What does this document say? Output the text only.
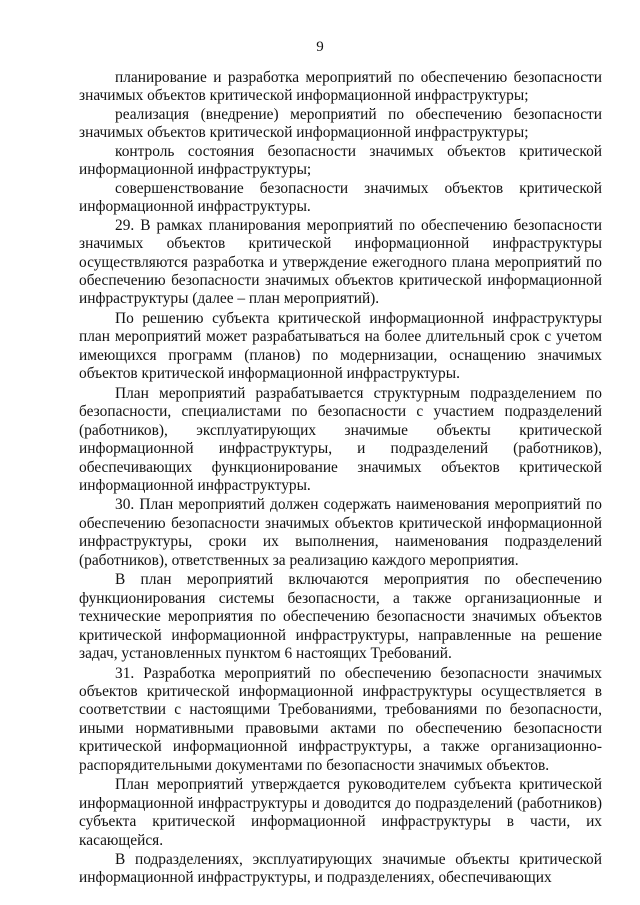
9

планирование и разработка мероприятий по обеспечению безопасности значимых объектов критической информационной инфраструктуры;

реализация (внедрение) мероприятий по обеспечению безопасности значимых объектов критической информационной инфраструктуры;

контроль состояния безопасности значимых объектов критической информационной инфраструктуры;

совершенствование безопасности значимых объектов критической информационной инфраструктуры.

29. В рамках планирования мероприятий по обеспечению безопасности значимых объектов критической информационной инфраструктуры осуществляются разработка и утверждение ежегодного плана мероприятий по обеспечению безопасности значимых объектов критической информационной инфраструктуры (далее – план мероприятий).

По решению субъекта критической информационной инфраструктуры план мероприятий может разрабатываться на более длительный срок с учетом имеющихся программ (планов) по модернизации, оснащению значимых объектов критической информационной инфраструктуры.

План мероприятий разрабатывается структурным подразделением по безопасности, специалистами по безопасности с участием подразделений (работников), эксплуатирующих значимые объекты критической информационной инфраструктуры, и подразделений (работников), обеспечивающих функционирование значимых объектов критической информационной инфраструктуры.

30. План мероприятий должен содержать наименования мероприятий по обеспечению безопасности значимых объектов критической информационной инфраструктуры, сроки их выполнения, наименования подразделений (работников), ответственных за реализацию каждого мероприятия.

В план мероприятий включаются мероприятия по обеспечению функционирования системы безопасности, а также организационные и технические мероприятия по обеспечению безопасности значимых объектов критической информационной инфраструктуры, направленные на решение задач, установленных пунктом 6 настоящих Требований.

31. Разработка мероприятий по обеспечению безопасности значимых объектов критической информационной инфраструктуры осуществляется в соответствии с настоящими Требованиями, требованиями по безопасности, иными нормативными правовыми актами по обеспечению безопасности критической информационной инфраструктуры, а также организационно-распорядительными документами по безопасности значимых объектов.

План мероприятий утверждается руководителем субъекта критической информационной инфраструктуры и доводится до подразделений (работников) субъекта критической информационной инфраструктуры в части, их касающейся.

В подразделениях, эксплуатирующих значимые объекты критической информационной инфраструктуры, и подразделениях, обеспечивающих
